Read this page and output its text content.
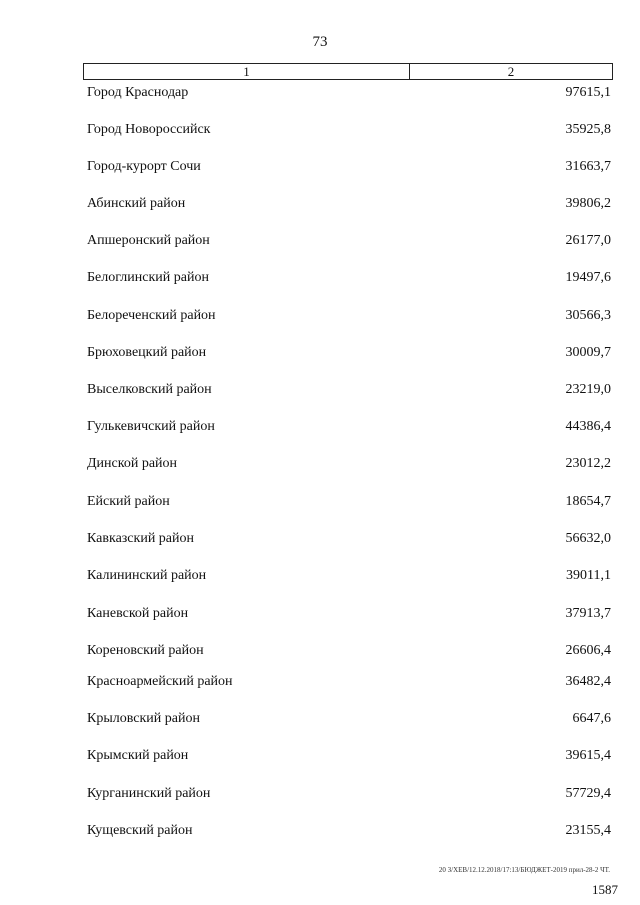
73
1	2
Город Краснодар	97615,1
Город Новороссийск	35925,8
Город-курорт Сочи	31663,7
Абинский район	39806,2
Апшеронский район	26177,0
Белоглинский район	19497,6
Белореченский район	30566,3
Брюховецкий район	30009,7
Выселковский район	23219,0
Гулькевичский район	44386,4
Динской район	23012,2
Ейский район	18654,7
Кавказский район	56632,0
Калининский район	39011,1
Каневской район	37913,7
Кореновский район	26606,4
Красноармейский район	36482,4
Крыловский район	6647,6
Крымский район	39615,4
Курганинский район	57729,4
Кущевский район	23155,4
20 З/ХЕВ/12.12.2018/17:13/БЮДЖЕТ-2019 прил-28-2 ЧТ.
1587
